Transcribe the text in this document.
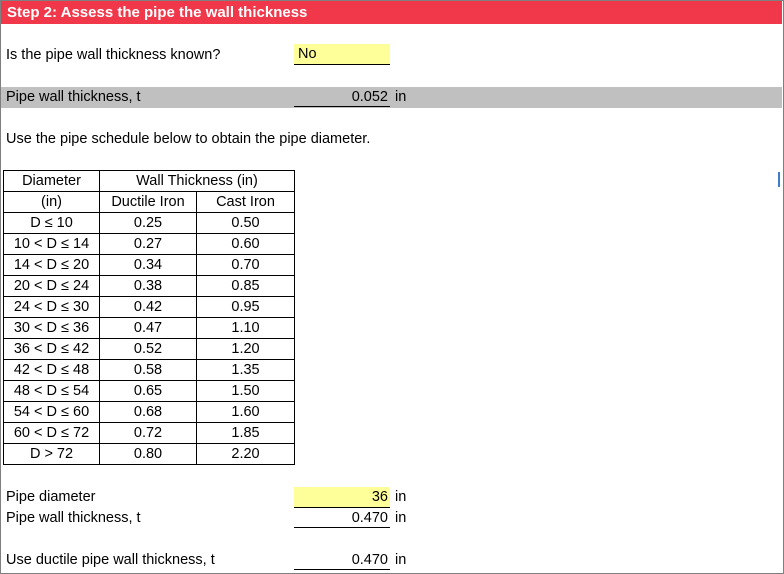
Step 2: Assess the pipe the wall thickness
Is the pipe wall thickness known?	No
Pipe wall thickness, t	0.052 in
Use the pipe schedule below to obtain the pipe diameter.
Diameter	Wall Thickness (in)	
(in)	Ductile Iron	Cast Iron
D ≤ 10	0.25	0.50
10 < D ≤ 14	0.27	0.60
14 < D ≤ 20	0.34	0.70
20 < D ≤ 24	0.38	0.85
24 < D ≤ 30	0.42	0.95
30 < D ≤ 36	0.47	1.10
36 < D ≤ 42	0.52	1.20
42 < D ≤ 48	0.58	1.35
48 < D ≤ 54	0.65	1.50
54 < D ≤ 60	0.68	1.60
60 < D ≤ 72	0.72	1.85
D > 72	0.80	2.20
Pipe diameter	36 in
Pipe wall thickness, t	0.470 in
Use ductile pipe wall thickness, t	0.470 in
